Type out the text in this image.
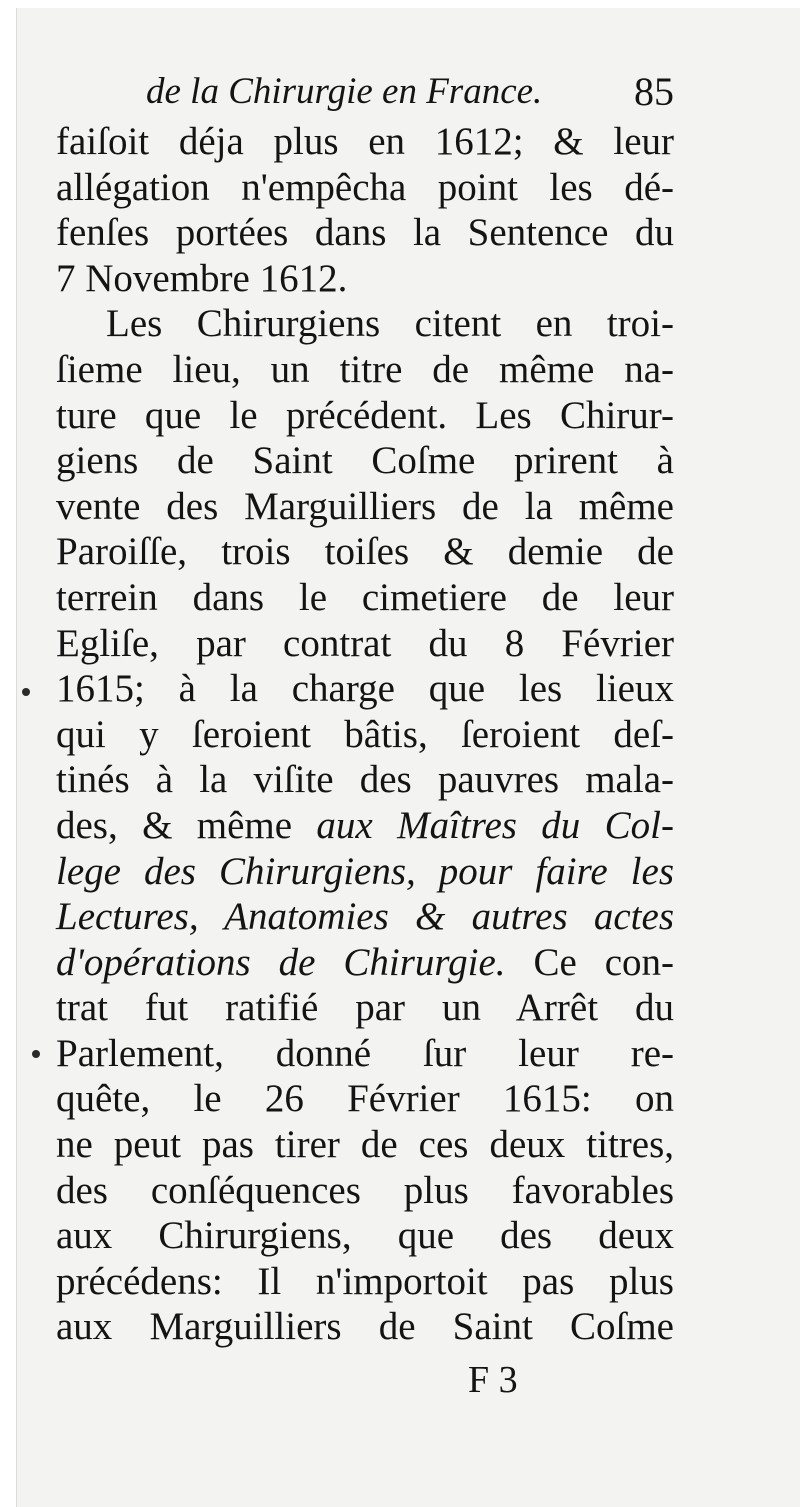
de la Chirurgie en France. 85
faiſoit déja plus en 1612; & leur
allégation n'empêcha point les dé-
fenſes portées dans la Sentence du
7 Novembre 1612.
Les Chirurgiens citent en troi-
ſieme lieu, un titre de même na-
ture que le précédent. Les Chirur-
giens de Saint Coſme prirent à
vente des Marguilliers de la même
Paroiſſe, trois toiſes & demie de
terrein dans le cimetiere de leur
Egliſe, par contrat du 8 Février
1615; à la charge que les lieux
qui y ſeroient bâtis, ſeroient deſ-
tinés à la viſite des pauvres mala-
des, & même aux Maîtres du Col-
lege des Chirurgiens, pour faire les
Lectures, Anatomies & autres actes
d'opérations de Chirurgie. Ce con-
trat fut ratifié par un Arrêt du
Parlement, donné ſur leur re-
quête, le 26 Février 1615: on
ne peut pas tirer de ces deux titres,
des conſéquences plus favorables
aux Chirurgiens, que des deux
précédens: Il n'importoit pas plus
aux Marguilliers de Saint Coſme
F 3
